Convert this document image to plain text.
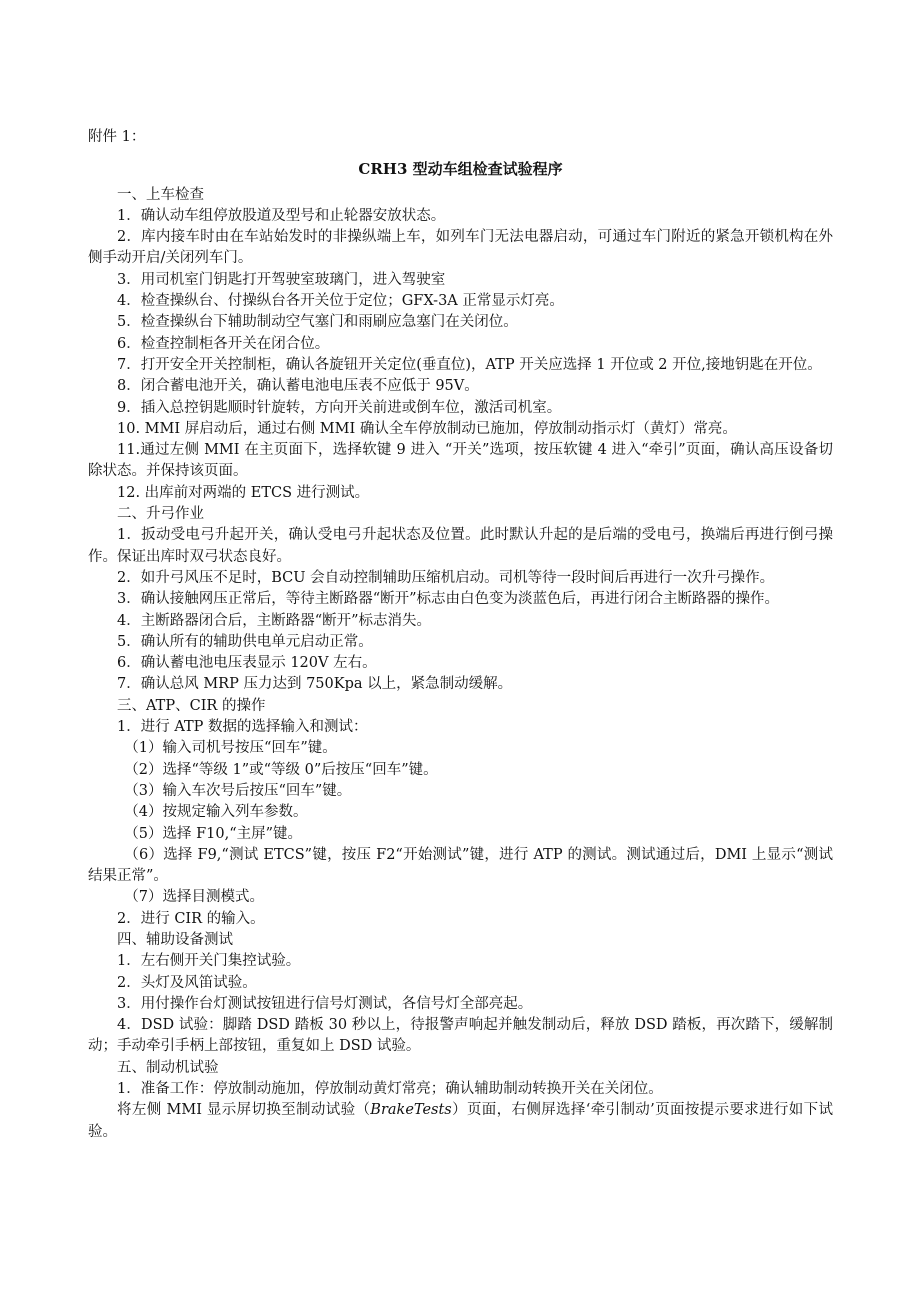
附件 1：

CRH3 型动车组检查试验程序

一、上车检查

1．确认动车组停放股道及型号和止轮器安放状态。

2．库内接车时由在车站始发时的非操纵端上车，如列车门无法电器启动，可通过车门附近的紧急开锁机构在外侧手动开启/关闭列车门。

3．用司机室门钥匙打开驾驶室玻璃门，进入驾驶室

4．检查操纵台、付操纵台各开关位于定位；GFX-3A 正常显示灯亮。

5．检查操纵台下辅助制动空气塞门和雨刷应急塞门在关闭位。

6．检查控制柜各开关在闭合位。

7．打开安全开关控制柜，确认各旋钮开关定位(垂直位)，ATP 开关应选择 1 开位或 2 开位,接地钥匙在开位。

8．闭合蓄电池开关，确认蓄电池电压表不应低于 95V。

9．插入总控钥匙顺时针旋转，方向开关前进或倒车位，激活司机室。

10. MMI 屏启动后，通过右侧 MMI 确认全车停放制动已施加，停放制动指示灯（黄灯）常亮。

11.通过左侧 MMI 在主页面下，选择软键 9 进入 “开关”选项，按压软键 4 进入“牵引”页面，确认高压设备切除状态。并保持该页面。

12. 出库前对两端的 ETCS 进行测试。

二、升弓作业

1．扳动受电弓升起开关，确认受电弓升起状态及位置。此时默认升起的是后端的受电弓，换端后再进行倒弓操作。保证出库时双弓状态良好。

2．如升弓风压不足时，BCU 会自动控制辅助压缩机启动。司机等待一段时间后再进行一次升弓操作。

3．确认接触网压正常后，等待主断路器“断开”标志由白色变为淡蓝色后，再进行闭合主断路器的操作。

4．主断路器闭合后，主断路器“断开”标志消失。

5．确认所有的辅助供电单元启动正常。

6．确认蓄电池电压表显示 120V 左右。

7．确认总风 MRP 压力达到 750Kpa 以上，紧急制动缓解。

三、ATP、CIR 的操作

1．进行 ATP 数据的选择输入和测试：

（1）输入司机号按压“回车”键。

（2）选择“等级 1”或“等级 0”后按压“回车”键。

（3）输入车次号后按压“回车”键。

（4）按规定输入列车参数。

（5）选择 F10,“主屏”键。

（6）选择 F9,“测试 ETCS”键，按压 F2“开始测试”键，进行 ATP 的测试。测试通过后，DMI 上显示“测试结果正常”。

（7）选择目测模式。

2．进行 CIR 的输入。

四、辅助设备测试

1．左右侧开关门集控试验。

2．头灯及风笛试验。

3．用付操作台灯测试按钮进行信号灯测试，各信号灯全部亮起。

4．DSD 试验：脚踏 DSD 踏板 30 秒以上，待报警声响起并触发制动后，释放 DSD 踏板，再次踏下，缓解制动；手动牵引手柄上部按钮，重复如上 DSD 试验。

五、制动机试验

1．准备工作：停放制动施加，停放制动黄灯常亮；确认辅助制动转换开关在关闭位。

将左侧 MMI 显示屏切换至制动试验（BrakeTests）页面，右侧屏选择‘牵引制动’页面按提示要求进行如下试验。
